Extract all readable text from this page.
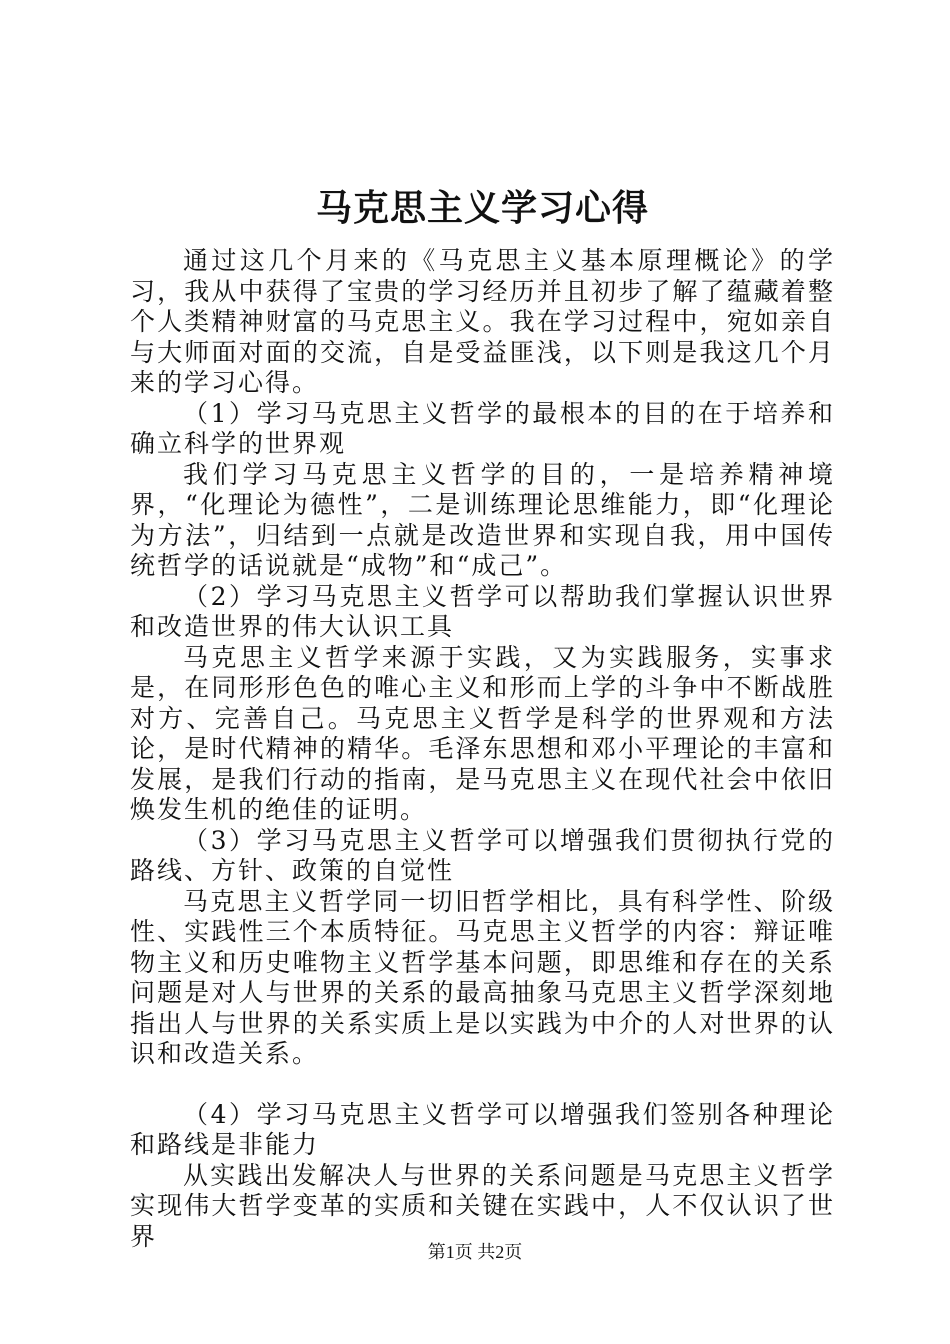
马克思主义学习心得

通过这几个月来的《马克思主义基本原理概论》的学习，我从中获得了宝贵的学习经历并且初步了解了蕴藏着整个人类精神财富的马克思主义。我在学习过程中，宛如亲自与大师面对面的交流，自是受益匪浅，以下则是我这几个月来的学习心得。

（1）学习马克思主义哲学的最根本的目的在于培养和确立科学的世界观

我们学习马克思主义哲学的目的，一是培养精神境界，“化理论为德性”，二是训练理论思维能力，即“化理论为方法”，归结到一点就是改造世界和实现自我，用中国传统哲学的话说就是“成物”和“成己”。

（2）学习马克思主义哲学可以帮助我们掌握认识世界和改造世界的伟大认识工具

马克思主义哲学来源于实践，又为实践服务，实事求是，在同形形色色的唯心主义和形而上学的斗争中不断战胜对方、完善自己。马克思主义哲学是科学的世界观和方法论，是时代精神的精华。毛泽东思想和邓小平理论的丰富和发展，是我们行动的指南，是马克思主义在现代社会中依旧焕发生机的绝佳的证明。

（3）学习马克思主义哲学可以增强我们贯彻执行党的路线、方针、政策的自觉性

马克思主义哲学同一切旧哲学相比，具有科学性、阶级性、实践性三个本质特征。马克思主义哲学的内容：辩证唯物主义和历史唯物主义哲学基本问题，即思维和存在的关系问题是对人与世界的关系的最高抽象马克思主义哲学深刻地指出人与世界的关系实质上是以实践为中介的人对世界的认识和改造关系。

（4）学习马克思主义哲学可以增强我们签别各种理论和路线是非能力

从实践出发解决人与世界的关系问题是马克思主义哲学实现伟大哲学变革的实质和关键在实践中，人不仅认识了世界

第1页 共2页
